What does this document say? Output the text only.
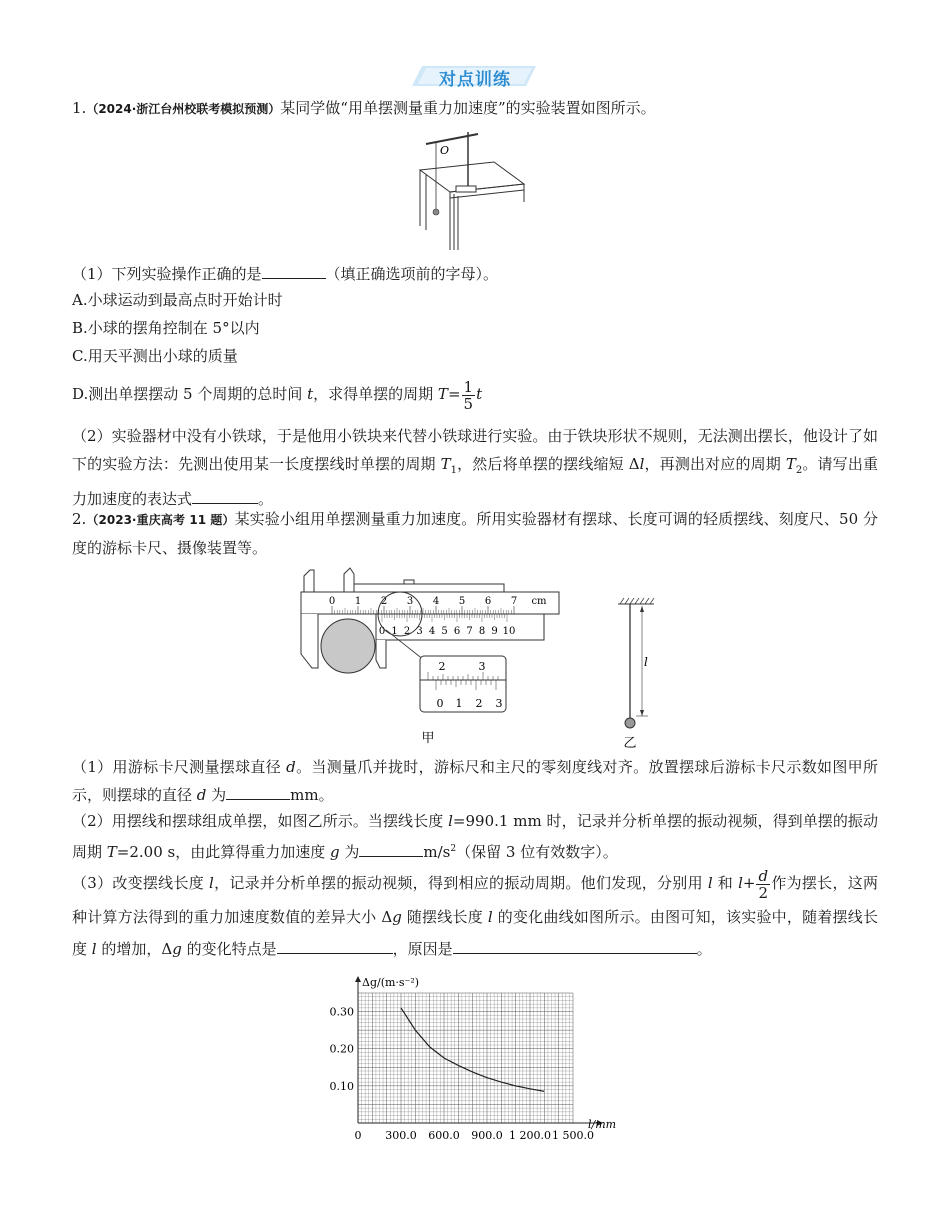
对点训练
1.（2024·浙江台州校联考模拟预测）某同学做“用单摆测量重力加速度”的实验装置如图所示。
O
（1）下列实验操作正确的是	（填正确选项前的字母）。
A.小球运动到最高点时开始计时
B.小球的摆角控制在 5°以内
C.用天平测出小球的质量
D.测出单摆摆动 5 个周期的总时间 t，求得单摆的周期 $T= \frac{1}{5}$ t
（2）实验器材中没有小铁球，于是他用小铁块来代替小铁球进行实验。由于铁块形状不规则，无法测出摆长，他设计了如下的实验方法：先测出使用某一长度摆线时单摆的周期 $T_1$，然后将单摆的摆线缩短 Δl，再测出对应的周期 $T_2$。请写出重力加速度的表达式	。
2.（2023·重庆高考 11 题）某实验小组用单摆测量重力加速度。所用实验器材有摆球、长度可调的轻质摆线、刻度尺、50 分度的游标卡尺、摄像装置等。
0 1 2 3 4 5 6 7 cm
0 1 2 3 4 5 6 7 8 9 10
2	3
0 1 2 3
甲
l
乙
（1）用游标卡尺测量摆球直径 d。当测量爪并拢时，游标尺和主尺的零刻度线对齐。放置摆球后游标卡尺示数如图甲所示，则摆球的直径 d 为	mm。
（2）用摆线和摆球组成单摆，如图乙所示。当摆线长度 l=990.1 mm 时，记录并分析单摆的振动视频，得到单摆的振动周期 T=2.00 s，由此算得重力加速度 g 为	$m/s^2$（保留 3 位有效数字）。
（3）改变摆线长度 l，记录并分析单摆的振动视频，得到相应的振动周期。他们发现，分别用 l 和 $l+ \frac{d}{2}$ 作为摆长，这两种计算方法得到的重力加速度数值的差异大小 Δg 随摆线长度 l 的变化曲线如图所示。由图可知，该实验中，随着摆线长度 l 的增加，Δg 的变化特点是	，原因是	。
0 300.0 600.0 900.0 1 200.0 1 500.0
0.10
0.20
0.30
Δg/(m·s⁻²)
l/mm
